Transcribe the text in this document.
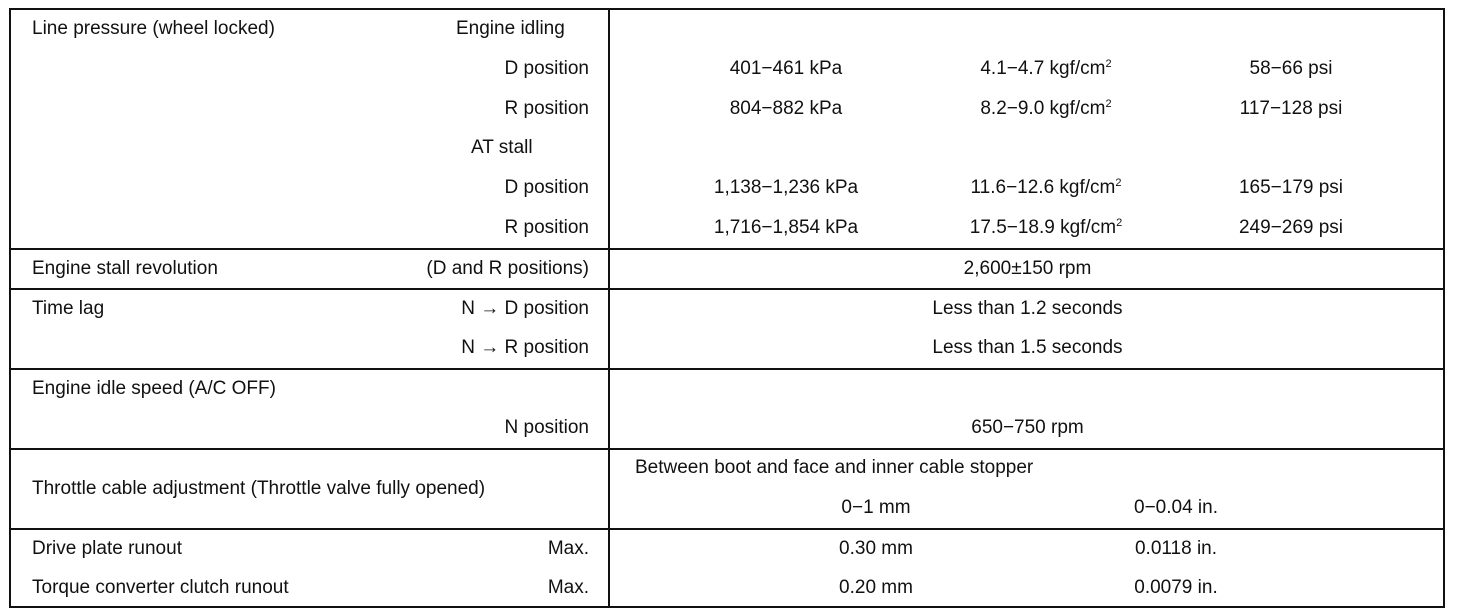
Line pressure (wheel locked)	Engine idling
D position	401−461 kPa	4.1−4.7 kgf/$cm^2$	58−66 psi
R position	804−882 kPa	8.2−9.0 kgf/$cm^2$	117−128 psi
AT stall
D position	1,138−1,236 kPa	11.6−12.6 kgf/$cm^2$	165−179 psi
R position	1,716−1,854 kPa	17.5−18.9 kgf/$cm^2$	249−269 psi
Engine stall revolution	(D and R positions)	2,600±150 rpm
Time lag	N → D position	Less than 1.2 seconds
N → R position	Less than 1.5 seconds
Engine idle speed (A/C OFF)
N position	650−750 rpm
Throttle cable adjustment (Throttle valve fully opened)
Between boot and face and inner cable stopper
0−1 mm	0−0.04 in.
Drive plate runout	Max.	0.30 mm	0.0118 in.
Torque converter clutch runout	Max.	0.20 mm	0.0079 in.
